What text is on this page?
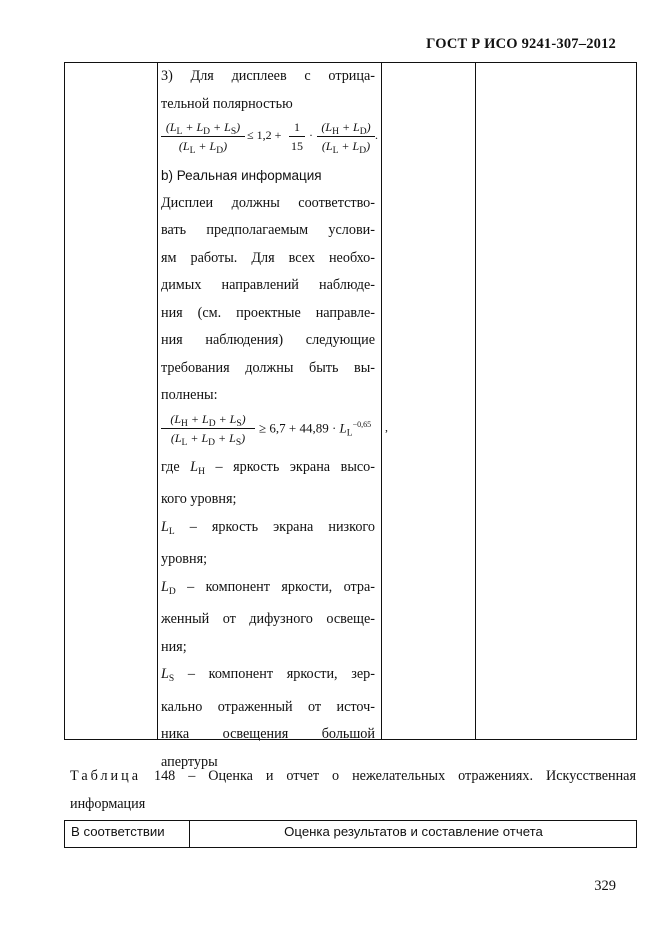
ГОСТ Р ИСО 9241-307–2012

3) Для дисплеев с отрицa-

тельной полярностью

$(L_L + L_D + L_S)$
$(L_L + L_D)$
≤ 1,2 +
1
15
·
$(L_H + L_D)$
$(L_L + L_D)$
.

b) Реальная информация

Дисплеи должны соответство-

вать предполагаемым услови-

ям работы. Для всех необхо-

димых направлений наблюде-

ния (см. проектные направле-

ния наблюдения) следующие

требования должны быть вы-

полнены:

$(L_H + L_D + L_S)$
$(L_L + L_D + L_S)$
≥ $6,7 + 44,89 \cdot L_L^{-0,65}$ ,

где $L_H$ – яркость экрана высо-

кого уровня;

$L_L$ – яркость экрана низкого

уровня;

$L_D$ – компонент яркости, отра-

женный от дифузного освеще-

ния;

$L_S$ – компонент яркости, зер-

кально отраженный от источ-

ника освещения большой

апертуры

Таблица 148 – Оценка и отчет о нежелательных отражениях. Искусственная
информация
В соответствии	Оценка результатов и составление отчета
329
